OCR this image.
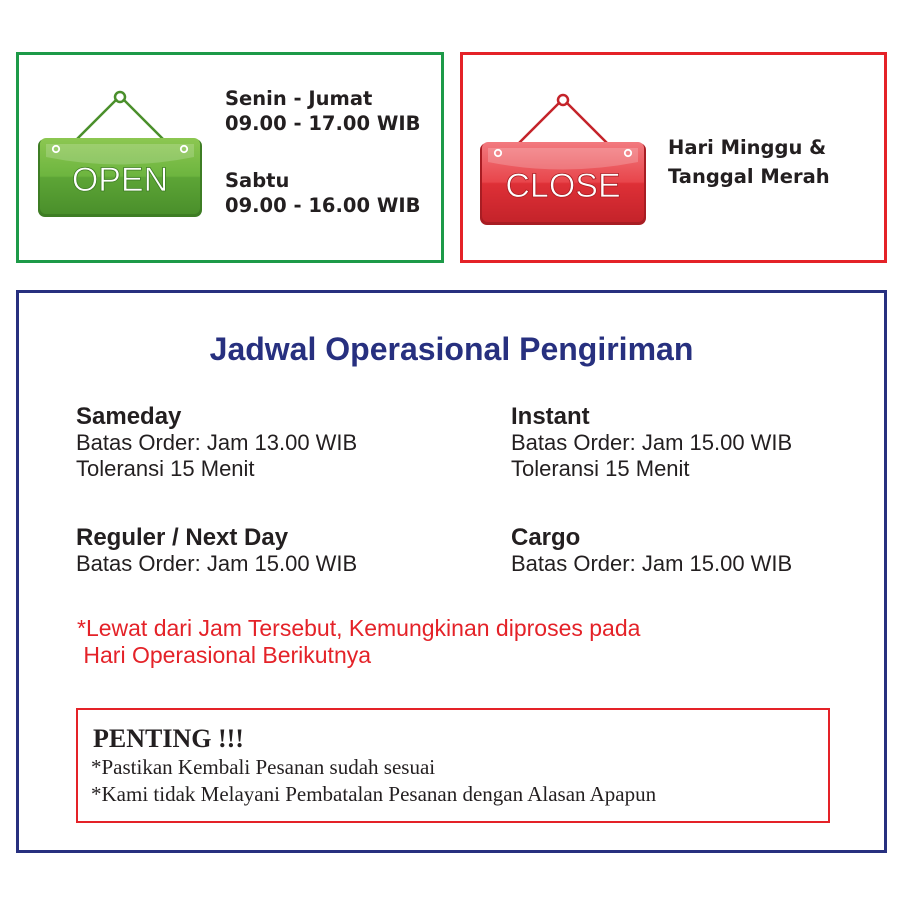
OPEN

Senin - Jumat

09.00 - 17.00 WIB

Sabtu

09.00 - 16.00 WIB

CLOSE

Hari Minggu &

Tanggal Merah

Jadwal Operasional Pengiriman
Sameday

Batas Order: Jam 13.00 WIB

Toleransi 15 Menit

Instant

Batas Order: Jam 15.00 WIB

Toleransi 15 Menit

Reguler / Next Day

Batas Order: Jam 15.00 WIB

Cargo

Batas Order: Jam 15.00 WIB

*Lewat dari Jam Tersebut, Kemungkinan diproses pada

Hari Operasional Berikutnya

PENTING !!!

*Pastikan Kembali Pesanan sudah sesuai

*Kami tidak Melayani Pembatalan Pesanan dengan Alasan Apapun
